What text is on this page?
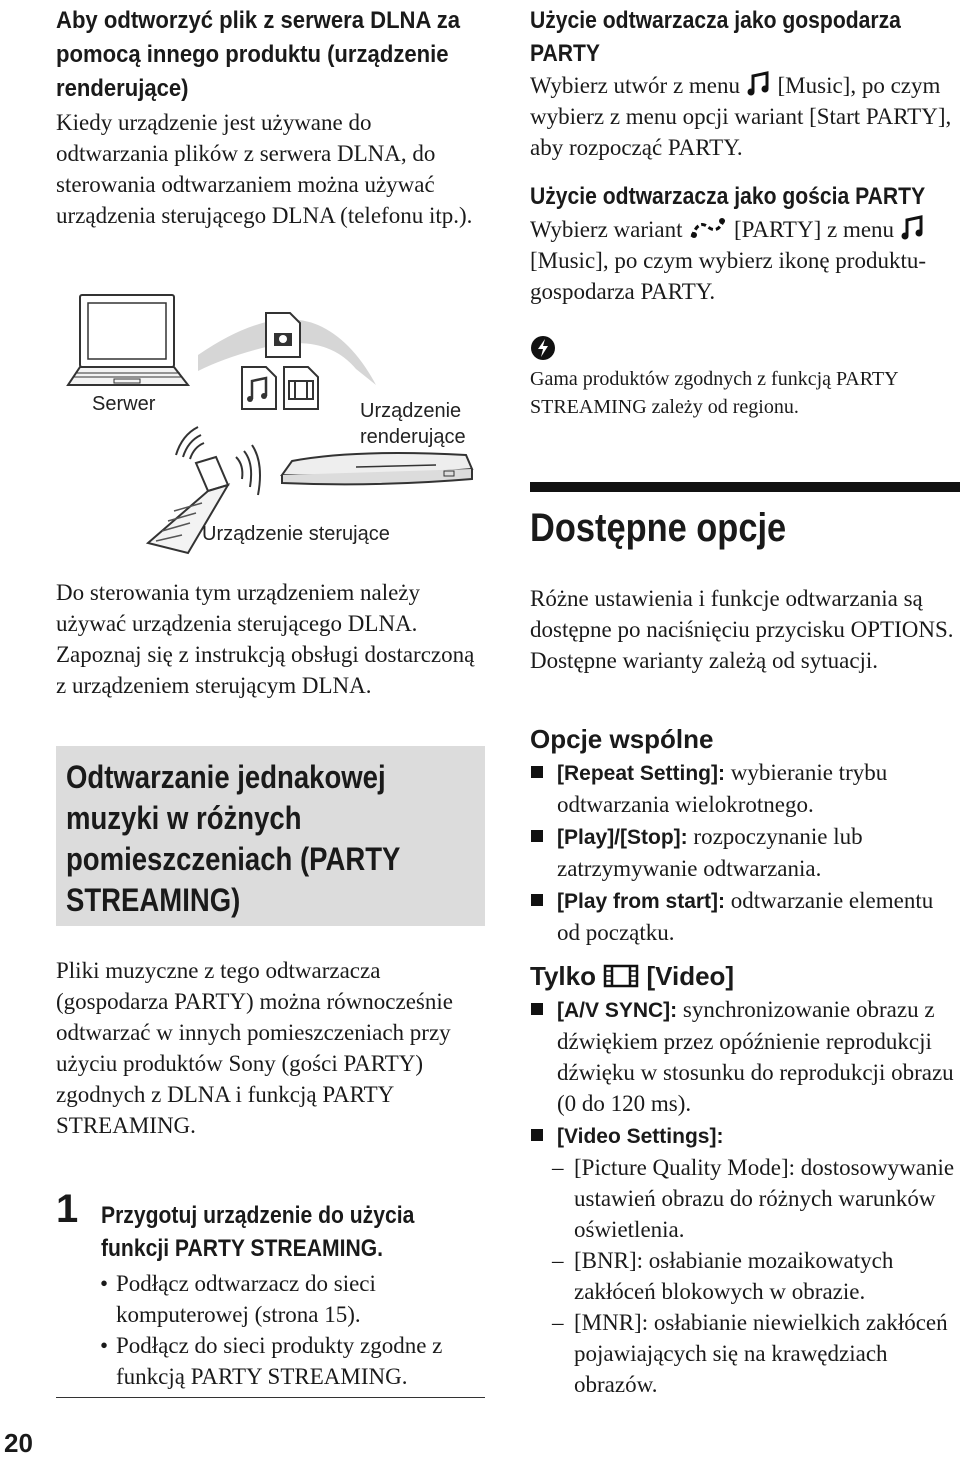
Aby odtworzyć plik z serwera DLNA za pomocą innego produktu (urządzenie renderujące)
Kiedy urządzenie jest używane do odtwarzania plików z serwera DLNA, do sterowania odtwarzaniem można używać urządzenia sterującego DLNA (telefonu itp.).
Serwer	Urządzenie
renderujące
Urządzenie sterujące
Do sterowania tym urządzeniem należy używać urządzenia sterującego DLNA. Zapoznaj się z instrukcją obsługi dostarczoną z urządzeniem sterującym DLNA.
Odtwarzanie jednakowej muzyki w różnych pomieszczeniach (PARTY STREAMING)
Pliki muzyczne z tego odtwarzacza (gospodarza PARTY) można równocześnie odtwarzać w innych pomieszczeniach przy użyciu produktów Sony (gości PARTY) zgodnych z DLNA i funkcją PARTY STREAMING.
1 Przygotuj urządzenie do użycia funkcji PARTY STREAMING.
• Podłącz odtwarzacz do sieci komputerowej (strona 15).
• Podłącz do sieci produkty zgodne z funkcją PARTY STREAMING.
20
Użycie odtwarzacza jako gospodarza PARTY
Wybierz utwór z menu [Music], po czym wybierz z menu opcji wariant [Start PARTY], aby rozpocząć PARTY.
Użycie odtwarzacza jako gościa PARTY
Wybierz wariant [PARTY] z menu  [Music], po czym wybierz ikonę produktu-gospodarza PARTY.
Gama produktów zgodnych z funkcją PARTY STREAMING zależy od regionu.
Dostępne opcje
Różne ustawienia i funkcje odtwarzania są dostępne po naciśnięciu przycisku OPTIONS. Dostępne warianty zależą od sytuacji.
Opcje wspólne
[Repeat Setting]: wybieranie trybu odtwarzania wielokrotnego.
[Play]/[Stop]: rozpoczynanie lub zatrzymywanie odtwarzania.
[Play from start]: odtwarzanie elementu od początku.
Tylko [Video]
[A/V SYNC]: synchronizowanie obrazu z dźwiękiem przez opóźnienie reprodukcji dźwięku w stosunku do reprodukcji obrazu (0 do 120 ms).
[Video Settings]:
– [Picture Quality Mode]: dostosowywanie ustawień obrazu do różnych warunków oświetlenia.
– [BNR]: osłabianie mozaikowatych zakłóceń blokowych w obrazie.
– [MNR]: osłabianie niewielkich zakłóceń pojawiających się na krawędziach obrazów.
